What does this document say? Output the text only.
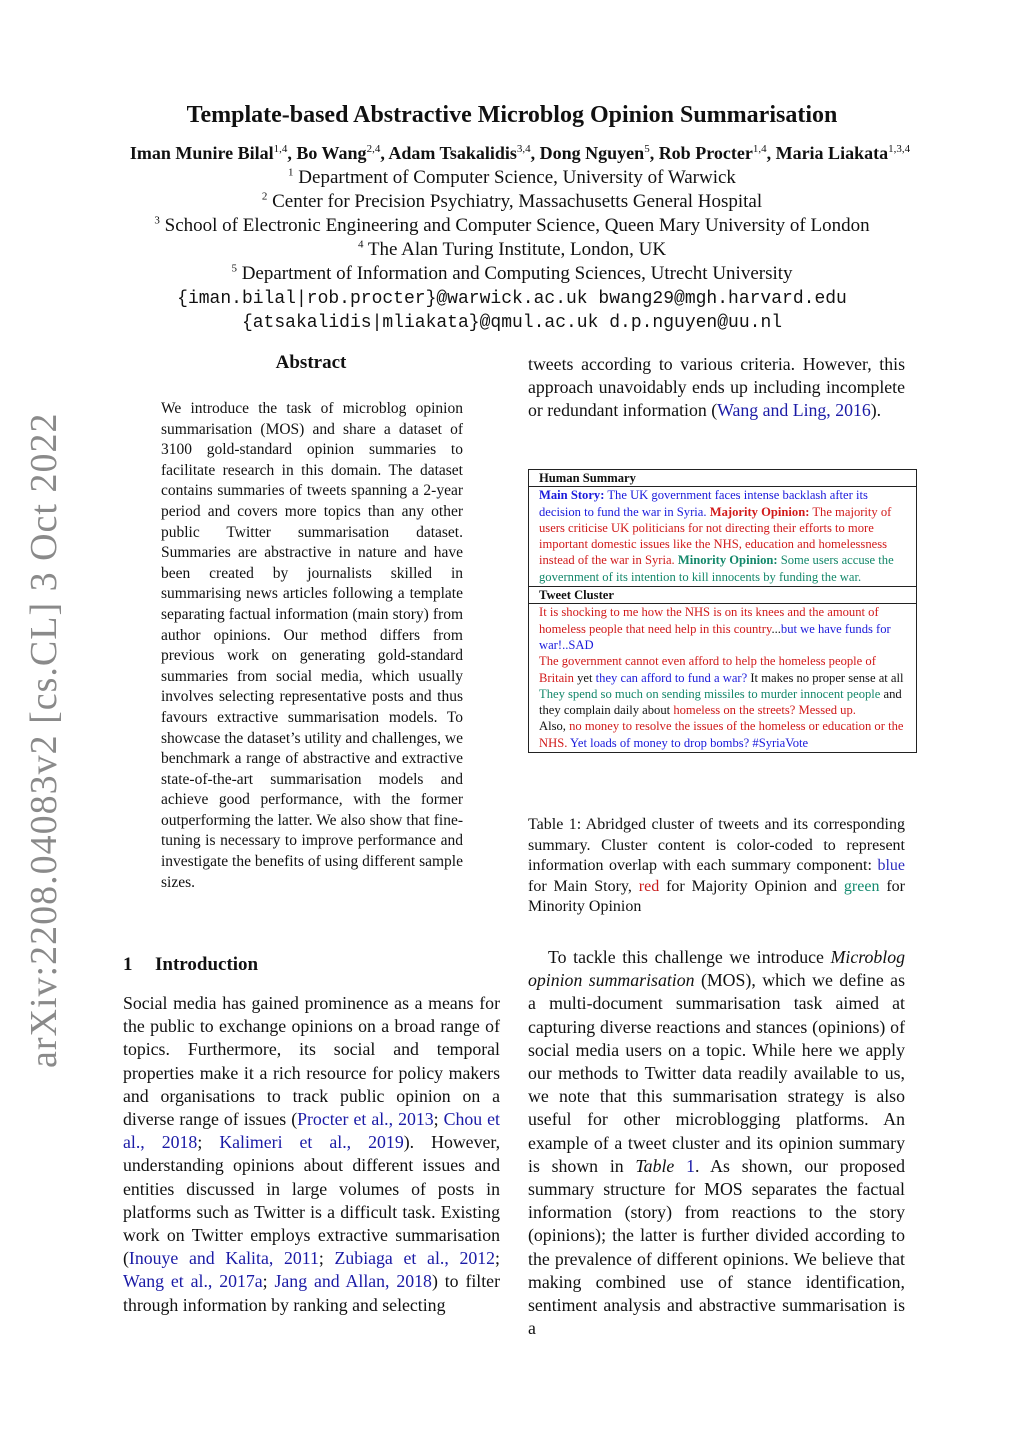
arXiv:2208.04083v2 [cs.CL] 3 Oct 2022
Template-based Abstractive Microblog Opinion Summarisation
Iman Munire Bilal$^{1,4}$, Bo Wang$^{2,4}$, Adam Tsakalidis$^{3,4}$, Dong Nguyen$^5$, Rob Procter$^{1,4}$, Maria Liakata$^{1,3,4}$
$^1$ Department of Computer Science, University of Warwick
$^2$ Center for Precision Psychiatry, Massachusetts General Hospital
$^3$ School of Electronic Engineering and Computer Science, Queen Mary University of London
$^4$ The Alan Turing Institute, London, UK
$^5$ Department of Information and Computing Sciences, Utrecht University
{iman.bilal|rob.procter}@warwick.ac.uk bwang29@mgh.harvard.edu
{atsakalidis|mliakata}@qmul.ac.uk d.p.nguyen@uu.nl
Abstract
We introduce the task of microblog opinion summarisation (MOS) and share a dataset of 3100 gold-standard opinion summaries to facilitate research in this domain. The dataset contains summaries of tweets spanning a 2-year period and covers more topics than any other public Twitter summarisation dataset. Summaries are abstractive in nature and have been created by journalists skilled in summarising news articles following a template separating factual information (main story) from author opinions. Our method differs from previous work on generating gold-standard summaries from social media, which usually involves selecting representative posts and thus favours extractive summarisation models. To showcase the dataset’s utility and challenges, we benchmark a range of abstractive and extractive state-of-the-art summarisation models and achieve good performance, with the former outperforming the latter. We also show that fine-tuning is necessary to improve performance and investigate the benefits of using different sample sizes.
1 Introduction
Social media has gained prominence as a means for the public to exchange opinions on a broad range of topics. Furthermore, its social and temporal properties make it a rich resource for policy makers and organisations to track public opinion on a diverse range of issues (Procter et al., 2013; Chou et al., 2018; Kalimeri et al., 2019). However, understanding opinions about different issues and entities discussed in large volumes of posts in platforms such as Twitter is a difficult task. Existing work on Twitter employs extractive summarisation (Inouye and Kalita, 2011; Zubiaga et al., 2012; Wang et al., 2017a; Jang and Allan, 2018) to filter through information by ranking and selecting
tweets according to various criteria. However, this approach unavoidably ends up including incomplete or redundant information (Wang and Ling, 2016).
Human Summary
Main Story: The UK government faces intense backlash after its decision to fund the war in Syria. Majority Opinion: The majority of users criticise UK politicians for not directing their efforts to more important domestic issues like the NHS, education and homelessness instead of the war in Syria. Minority Opinion: Some users accuse the government of its intention to kill innocents by funding the war.
Tweet Cluster
It is shocking to me how the NHS is on its knees and the amount of homeless people that need help in this country...but we have funds for war!..SAD
The government cannot even afford to help the homeless people of Britain yet they can afford to fund a war? It makes no proper sense at all
They spend so much on sending missiles to murder innocent people and they complain daily about homeless on the streets? Messed up.
Also, no money to resolve the issues of the homeless or education or the NHS. Yet loads of money to drop bombs? #SyriaVote
Table 1: Abridged cluster of tweets and its corresponding summary. Cluster content is color-coded to represent information overlap with each summary component: blue for Main Story, red for Majority Opinion and green for Minority Opinion
To tackle this challenge we introduce Microblog opinion summarisation (MOS), which we define as a multi-document summarisation task aimed at capturing diverse reactions and stances (opinions) of social media users on a topic. While here we apply our methods to Twitter data readily available to us, we note that this summarisation strategy is also useful for other microblogging platforms. An example of a tweet cluster and its opinion summary is shown in Table 1. As shown, our proposed summary structure for MOS separates the factual information (story) from reactions to the story (opinions); the latter is further divided according to the prevalence of different opinions. We believe that making combined use of stance identification, sentiment analysis and abstractive summarisation is a
